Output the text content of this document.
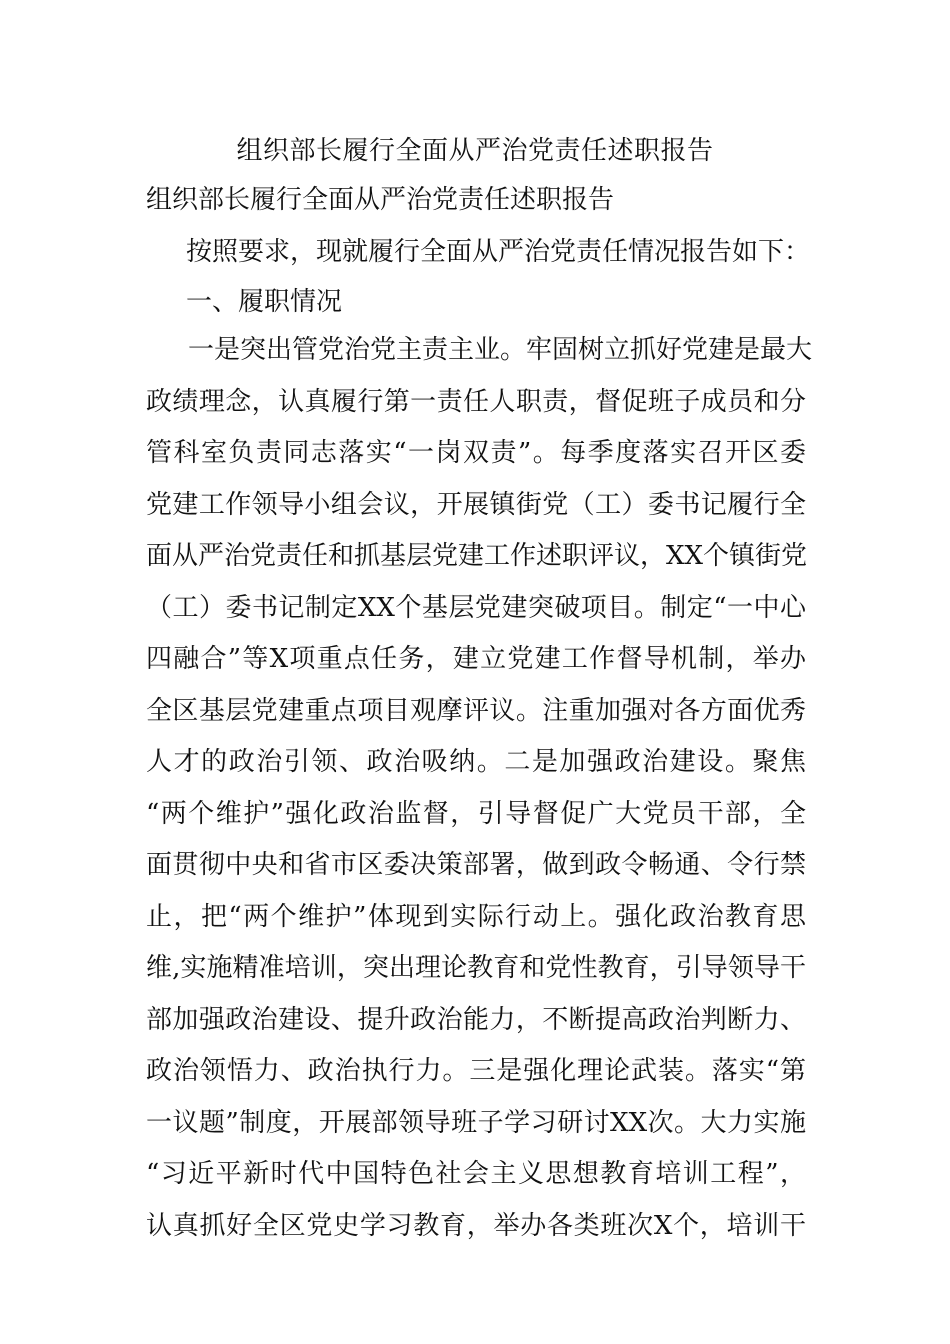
组织部长履行全面从严治党责任述职报告
组织部长履行全面从严治党责任述职报告
按照要求，现就履行全面从严治党责任情况报告如下：
一、履职情况
一是突出管党治党主责主业。牢固树立抓好党建是最大
政绩理念，认真履行第一责任人职责，督促班子成员和分
管科室负责同志落实“一岗双责”。每季度落实召开区委
党建工作领导小组会议，开展镇街党（工）委书记履行全
面从严治党责任和抓基层党建工作述职评议，XX个镇街党
（工）委书记制定XX个基层党建突破项目。制定“一中心
四融合”等X项重点任务，建立党建工作督导机制，举办
全区基层党建重点项目观摩评议。注重加强对各方面优秀
人才的政治引领、政治吸纳。二是加强政治建设。聚焦
“两个维护”强化政治监督，引导督促广大党员干部，全
面贯彻中央和省市区委决策部署，做到政令畅通、令行禁
止，把“两个维护”体现到实际行动上。强化政治教育思
维,实施精准培训，突出理论教育和党性教育，引导领导干
部加强政治建设、提升政治能力，不断提高政治判断力、
政治领悟力、政治执行力。三是强化理论武装。落实“第
一议题”制度，开展部领导班子学习研讨XX次。大力实施
“习近平新时代中国特色社会主义思想教育培训工程”，
认真抓好全区党史学习教育，举办各类班次X个，培训干
